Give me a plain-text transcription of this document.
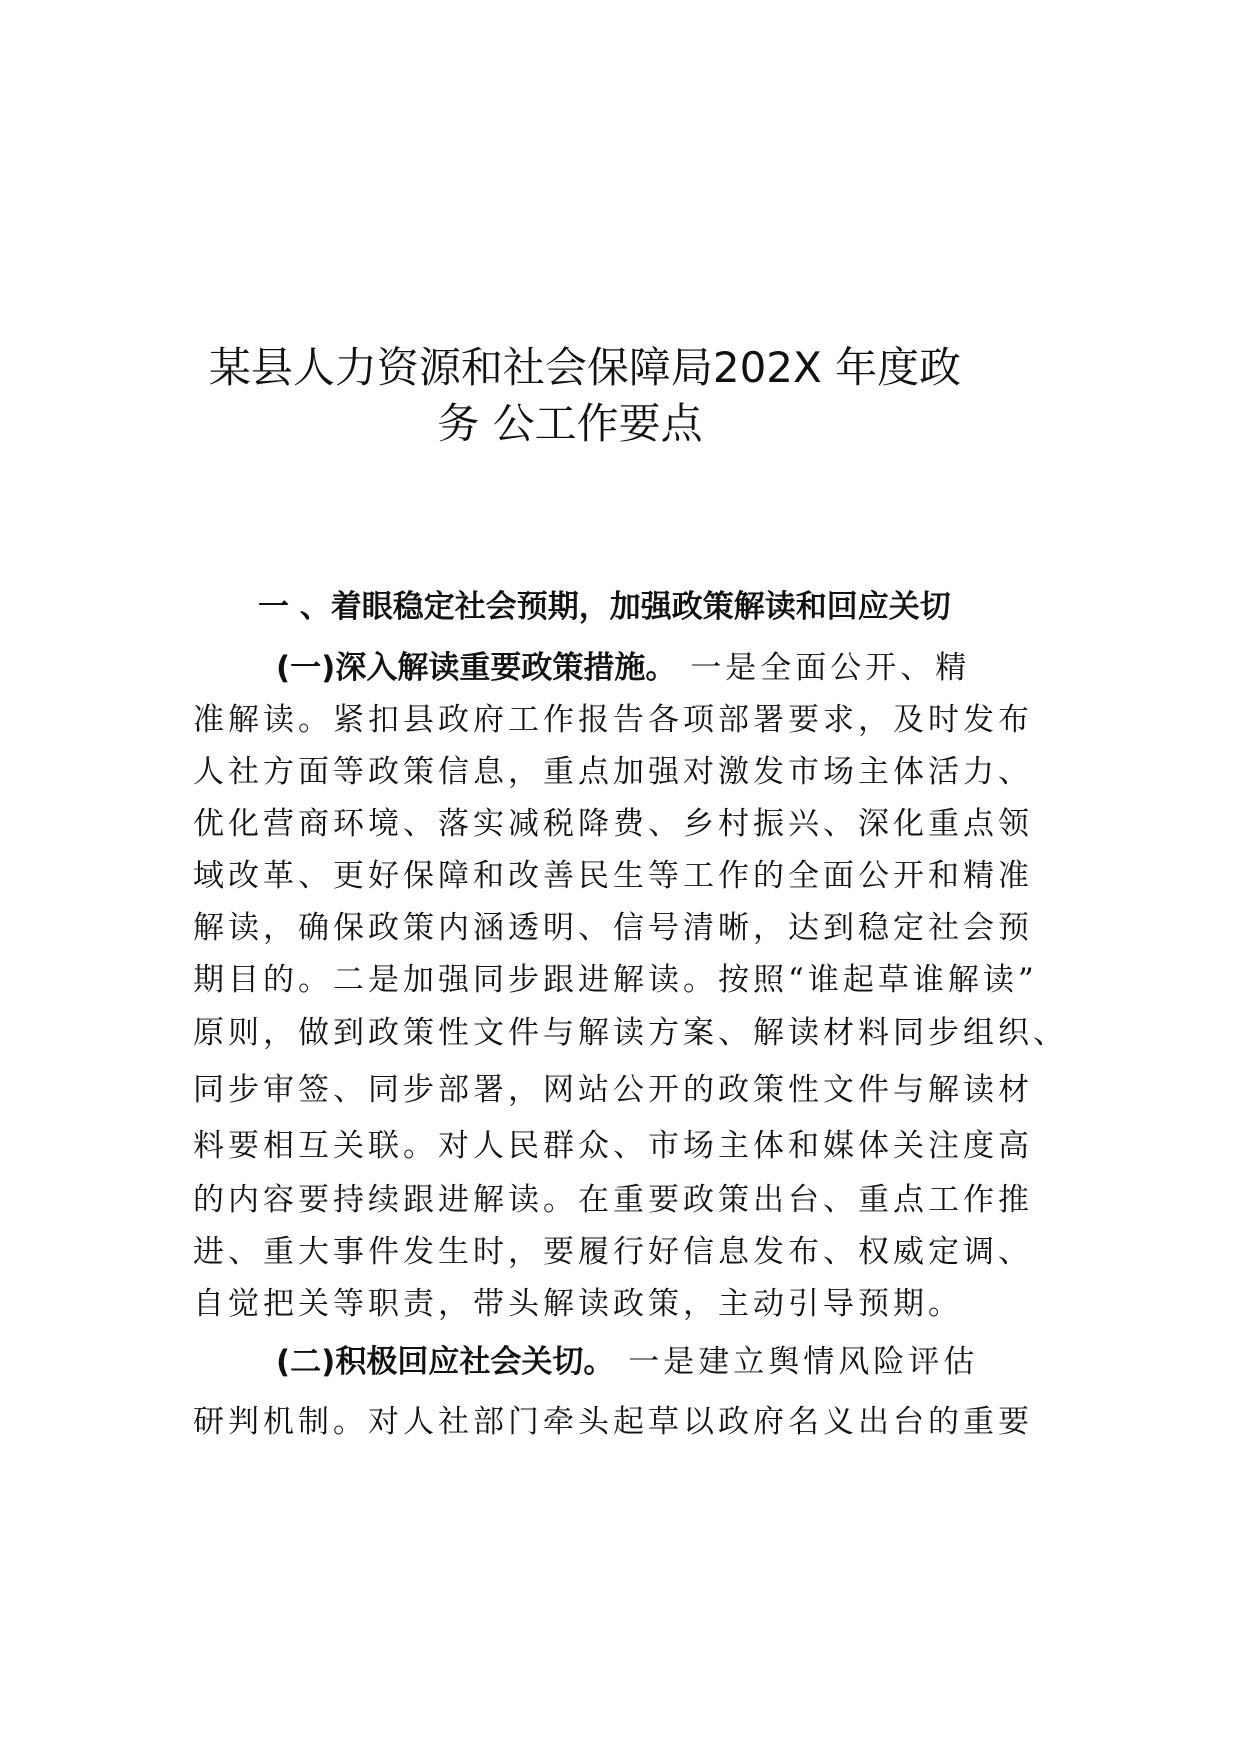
某县人力资源和社会保障局202X 年度政
务 公工作要点
一 、着眼稳定社会预期，加强政策解读和回应关切
(一)深入解读重要政策措施。 一是全面公开、精
准解读。紧扣县政府工作报告各项部署要求，及时发布
人社方面等政策信息，重点加强对激发市场主体活力、
优化营商环境、落实减税降费、乡村振兴、深化重点领
域改革、更好保障和改善民生等工作的全面公开和精准
解读，确保政策内涵透明、信号清晰，达到稳定社会预
期目的。二是加强同步跟进解读。按照“谁起草谁解读”
原则，做到政策性文件与解读方案、解读材料同步组织、
同步审签、同步部署，网站公开的政策性文件与解读材
料要相互关联。对人民群众、市场主体和媒体关注度高
的内容要持续跟进解读。在重要政策出台、重点工作推
进、重大事件发生时，要履行好信息发布、权威定调、
自觉把关等职责，带头解读政策，主动引导预期。
(二)积极回应社会关切。 一是建立舆情风险评估
研判机制。对人社部门牵头起草以政府名义出台的重要
